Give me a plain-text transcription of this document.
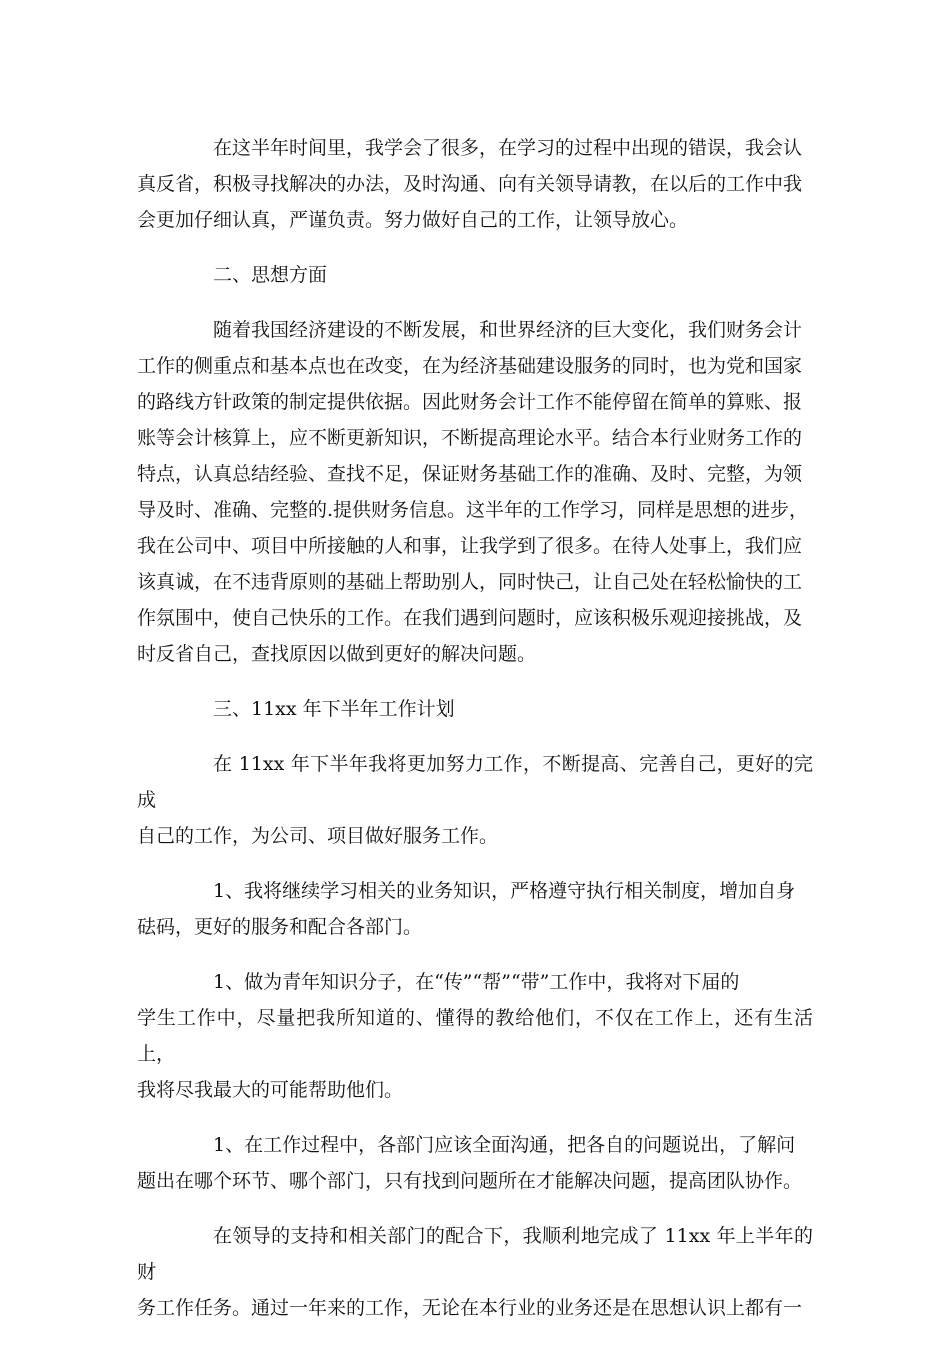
在这半年时间里，我学会了很多，在学习的过程中出现的错误，我会认
真反省，积极寻找解决的办法，及时沟通、向有关领导请教，在以后的工作中我
会更加仔细认真，严谨负责。努力做好自己的工作，让领导放心。
二、思想方面
随着我国经济建设的不断发展，和世界经济的巨大变化，我们财务会计
工作的侧重点和基本点也在改变，在为经济基础建设服务的同时，也为党和国家
的路线方针政策的制定提供依据。因此财务会计工作不能停留在简单的算账、报
账等会计核算上，应不断更新知识，不断提高理论水平。结合本行业财务工作的
特点，认真总结经验、查找不足，保证财务基础工作的准确、及时、完整，为领
导及时、准确、完整的.提供财务信息。这半年的工作学习，同样是思想的进步，
我在公司中、项目中所接触的人和事，让我学到了很多。在待人处事上，我们应
该真诚，在不违背原则的基础上帮助别人，同时快己，让自己处在轻松愉快的工
作氛围中，使自己快乐的工作。在我们遇到问题时，应该积极乐观迎接挑战，及
时反省自己，查找原因以做到更好的解决问题。
三、11xx 年下半年工作计划
在 11xx 年下半年我将更加努力工作，不断提高、完善自己，更好的完成
自己的工作，为公司、项目做好服务工作。
1、我将继续学习相关的业务知识，严格遵守执行相关制度，增加自身
砝码，更好的服务和配合各部门。
1、做为青年知识分子，在“传”“帮”“带”工作中，我将对下届的
学生工作中，尽量把我所知道的、懂得的教给他们，不仅在工作上，还有生活上，
我将尽我最大的可能帮助他们。
1、在工作过程中，各部门应该全面沟通，把各自的问题说出，了解问
题出在哪个环节、哪个部门，只有找到问题所在才能解决问题，提高团队协作。
在领导的支持和相关部门的配合下，我顺利地完成了 11xx 年上半年的财
务工作任务。通过一年来的工作，无论在本行业的业务还是在思想认识上都有一
